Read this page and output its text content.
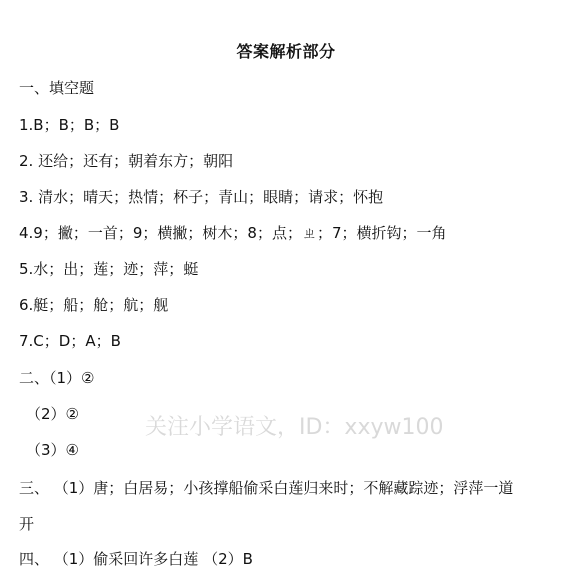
答案解析部分
一、填空题
1.B；B；B；B
2. 还给；还有；朝着东方；朝阳
3. 清水；晴天；热情；杯子；青山；眼睛；请求；怀抱
4.9；撇；一首；9；横撇；树木；8；点；ㄓ；7；横折钩；一角
5.水；出；莲；迹；萍；蜓
6.艇；船；舱；航；舰
7.C；D；A；B
二、（1）②
（2）②
（3）④
三、 （1）唐；白居易；小孩撑船偷采白莲归来时；不解藏踪迹；浮萍一道
开
四、 （1）偷采回许多白莲 （2）B
关注小学语文，ID：xxyw100
